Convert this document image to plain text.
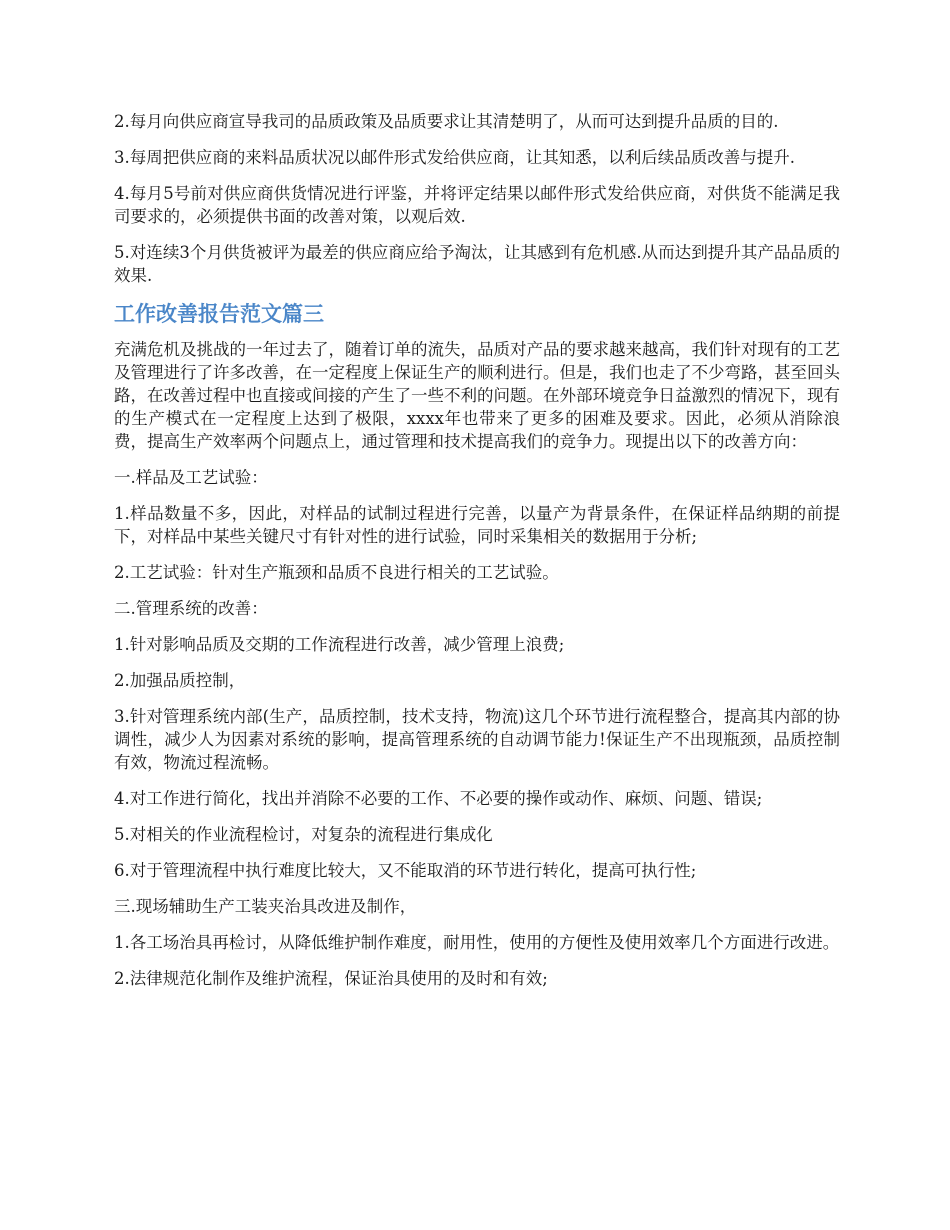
2.每月向供应商宣导我司的品质政策及品质要求让其清楚明了，从而可达到提升品质的目的.

3.每周把供应商的来料品质状况以邮件形式发给供应商，让其知悉，以利后续品质改善与提升.

4.每月5号前对供应商供货情况进行评鉴，并将评定结果以邮件形式发给供应商，对供货不能满足我司要求的，必须提供书面的改善对策，以观后效.

5.对连续3个月供货被评为最差的供应商应给予淘汰，让其感到有危机感.从而达到提升其产品品质的效果.

工作改善报告范文篇三

充满危机及挑战的一年过去了，随着订单的流失，品质对产品的要求越来越高，我们针对现有的工艺及管理进行了许多改善，在一定程度上保证生产的顺利进行。但是，我们也走了不少弯路，甚至回头路，在改善过程中也直接或间接的产生了一些不利的问题。在外部环境竞争日益激烈的情况下，现有的生产模式在一定程度上达到了极限，xxxx年也带来了更多的困难及要求。因此，必须从消除浪费，提高生产效率两个问题点上，通过管理和技术提高我们的竞争力。现提出以下的改善方向：

一.样品及工艺试验：

1.样品数量不多，因此，对样品的试制过程进行完善，以量产为背景条件，在保证样品纳期的前提下，对样品中某些关键尺寸有针对性的进行试验，同时采集相关的数据用于分析;

2.工艺试验：针对生产瓶颈和品质不良进行相关的工艺试验。

二.管理系统的改善：

1.针对影响品质及交期的工作流程进行改善，减少管理上浪费;

2.加强品质控制，

3.针对管理系统内部(生产，品质控制，技术支持，物流)这几个环节进行流程整合，提高其内部的协调性，减少人为因素对系统的影响，提高管理系统的自动调节能力!保证生产不出现瓶颈，品质控制有效，物流过程流畅。

4.对工作进行简化，找出并消除不必要的工作、不必要的操作或动作、麻烦、问题、错误;

5.对相关的作业流程检讨，对复杂的流程进行集成化

6.对于管理流程中执行难度比较大，又不能取消的环节进行转化，提高可执行性;

三.现场辅助生产工装夹治具改进及制作，

1.各工场治具再检讨，从降低维护制作难度，耐用性，使用的方便性及使用效率几个方面进行改进。

2.法律规范化制作及维护流程，保证治具使用的及时和有效;
